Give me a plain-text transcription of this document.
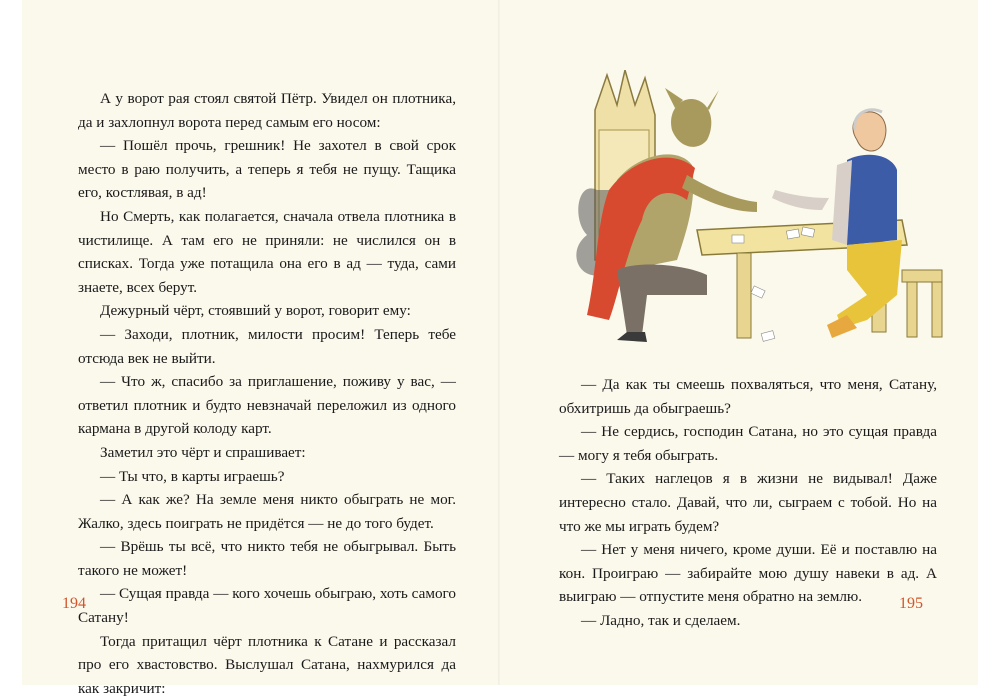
А у ворот рая стоял святой Пётр. Увидел он плотника, да и захлопнул ворота перед самым его носом:

— Пошёл прочь, грешник! Не захотел в свой срок место в раю получить, а теперь я тебя не пущу. Тащика его, костлявая, в ад!

Но Смерть, как полагается, сначала отвела плотника в чистилище. А там его не приняли: не числился он в списках. Тогда уже потащила она его в ад — туда, сами знаете, всех берут.

Дежурный чёрт, стоявший у ворот, говорит ему:

— Заходи, плотник, милости просим! Теперь тебе отсюда век не выйти.

— Что ж, спасибо за приглашение, поживу у вас, — ответил плотник и будто невзначай переложил из одного кармана в другой колоду карт.

Заметил это чёрт и спрашивает:

— Ты что, в карты играешь?

— А как же? На земле меня никто обыграть не мог. Жалко, здесь поиграть не придётся — не до того будет.

— Врёшь ты всё, что никто тебя не обыгрывал. Быть такого не может!

— Сущая правда — кого хочешь обыграю, хоть самого Сатану!

Тогда притащил чёрт плотника к Сатане и рассказал про его хвастовство. Выслушал Сатана, нахмурился да как закричит:

194

— Да как ты смеешь похваляться, что меня, Сатану, обхитришь да обыграешь?

— Не сердись, господин Сатана, но это сущая правда — могу я тебя обыграть.

— Таких наглецов я в жизни не видывал! Даже интересно стало. Давай, что ли, сыграем с тобой. Но на что же мы играть будем?

— Нет у меня ничего, кроме души. Её и поставлю на кон. Проиграю — забирайте мою душу навеки в ад. А выиграю — отпустите меня обратно на землю.

— Ладно, так и сделаем.

195
